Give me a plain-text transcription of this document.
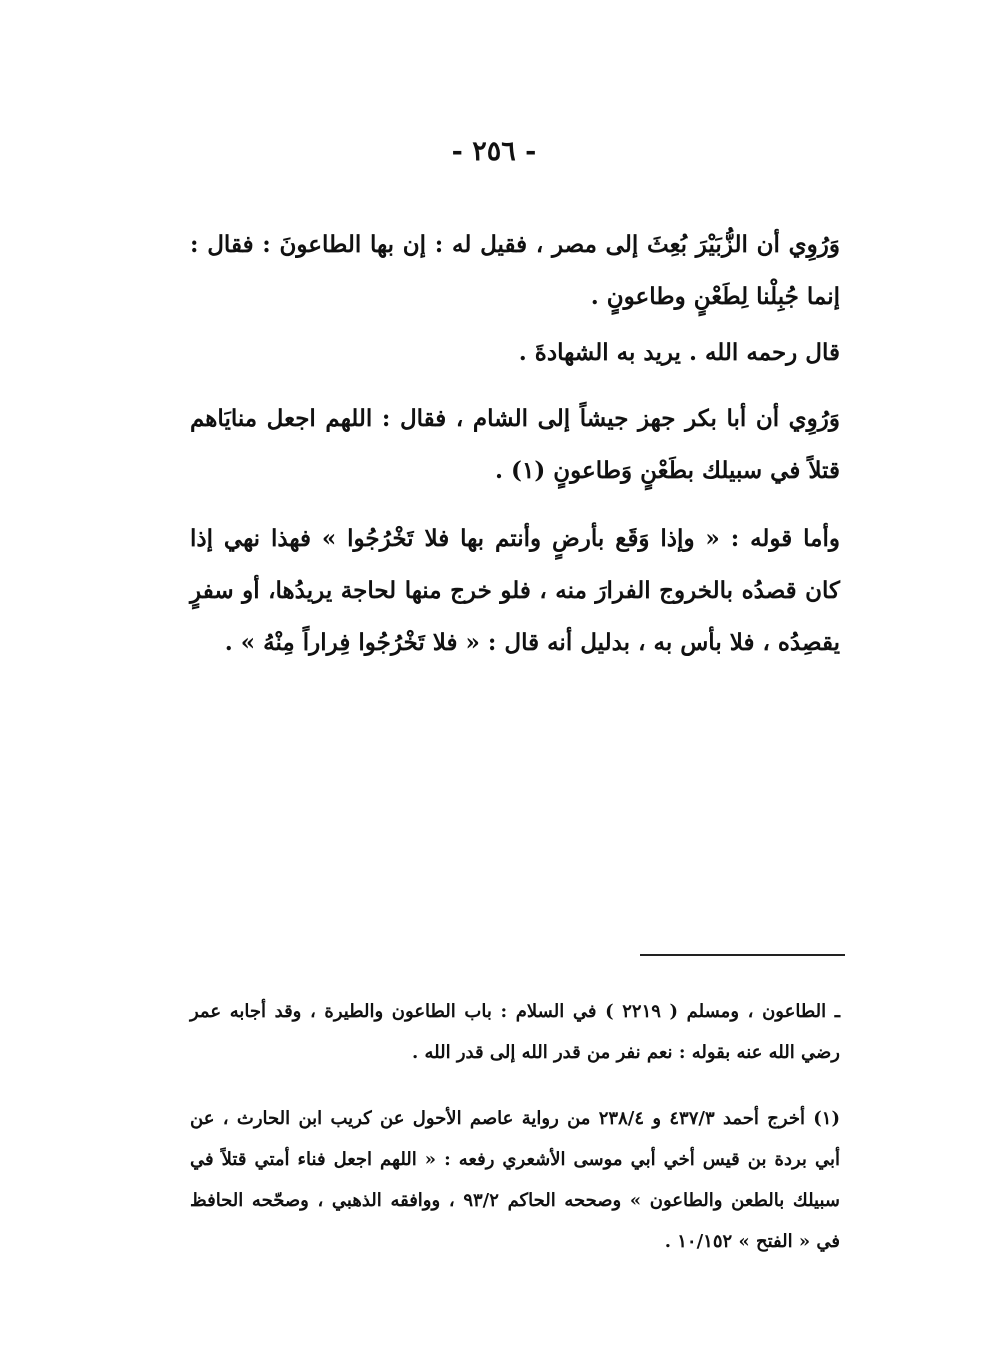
- ٢٥٦ -

وَرُوِي أن الزُّبَيْرَ بُعِثَ إلى مصر ، فقيل له : إن بها الطاعونَ : فقال : إنما جُبِلْنا لِطَعْنٍ وطاعونٍ .

قال رحمه الله . يريد به الشهادةَ .

وَرُوِي أن أبا بكر جهز جيشاً إلى الشام ، فقال : اللهم اجعل منايَاهم قتلاً في سبيلك بطَعْنٍ وَطاعونٍ (١) .

وأما قوله : « وإذا وَقَع بأرضٍ وأنتم بها فلا تَخْرُجُوا » فهذا نهي إذا كان قصدُه بالخروج الفرارَ منه ، فلو خرج منها لحاجة يريدُها، أو سفرٍ يقصِدُه ، فلا بأس به ، بدليل أنه قال : « فلا تَخْرُجُوا فِراراً مِنْهُ » .

ـ الطاعون ، ومسلم ( ٢٢١٩ ) في السلام : باب الطاعون والطيرة ، وقد أجابه عمر رضي الله عنه بقوله : نعم نفر من قدر الله إلى قدر الله .

(١) أخرج أحمد ٤٣٧/٣ و ٢٣٨/٤ من رواية عاصم الأحول عن كريب ابن الحارث ، عن أبي بردة بن قيس أخي أبي موسى الأشعري رفعه : « اللهم اجعل فناء أمتي قتلاً في سبيلك بالطعن والطاعون » وصححه الحاكم ٩٣/٢ ، ووافقه الذهبي ، وصحّحه الحافظ في « الفتح » ١٠/١٥٢ .
